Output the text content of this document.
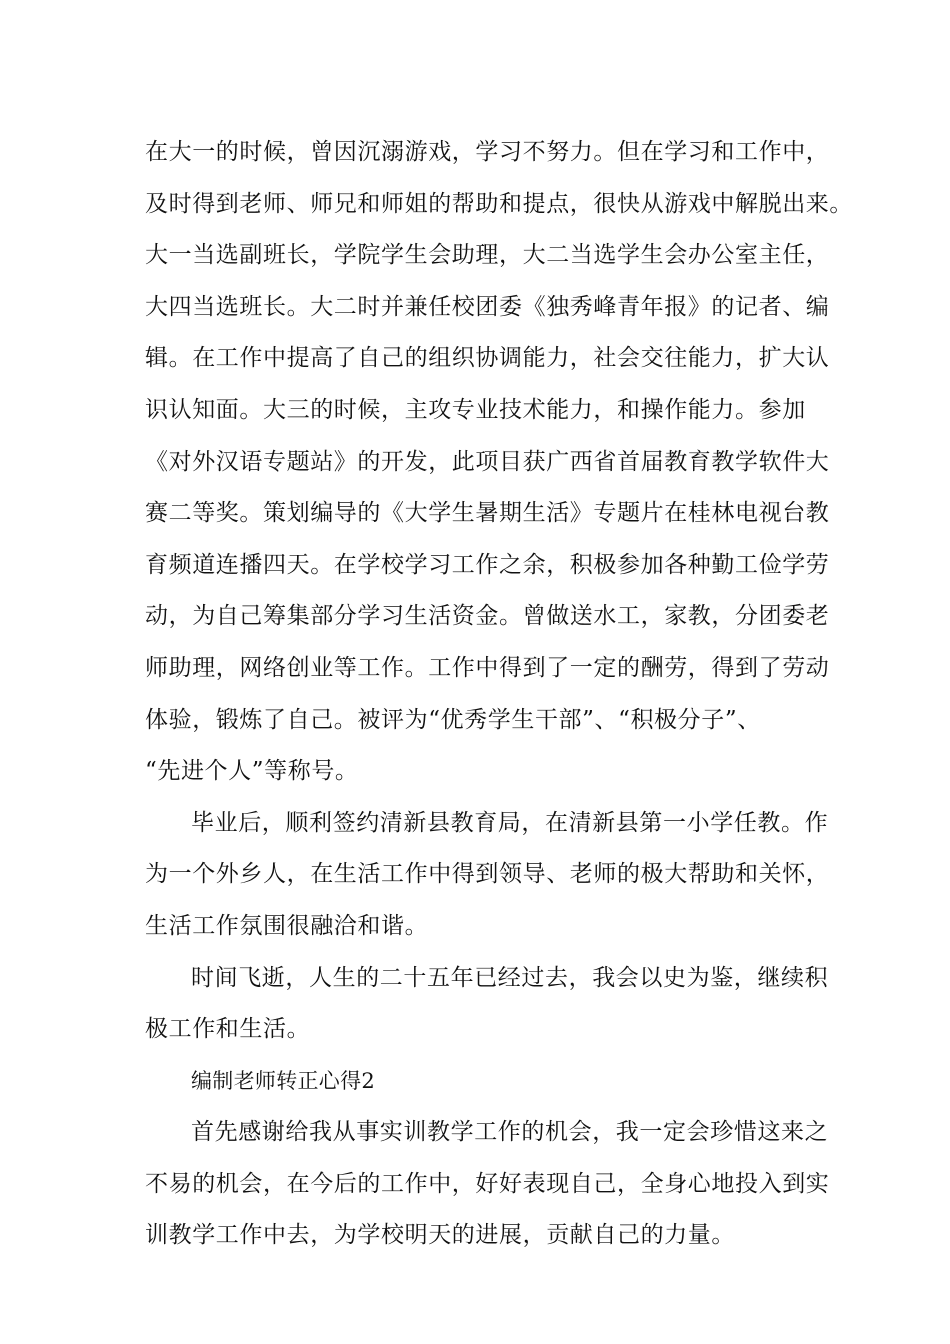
在大一的时候，曾因沉溺游戏，学习不努力。但在学习和工作中，
及时得到老师、师兄和师姐的帮助和提点，很快从游戏中解脱出来。
大一当选副班长，学院学生会助理，大二当选学生会办公室主任，
大四当选班长。大二时并兼任校团委《独秀峰青年报》的记者、编
辑。在工作中提高了自己的组织协调能力，社会交往能力，扩大认
识认知面。大三的时候，主攻专业技术能力，和操作能力。参加
《对外汉语专题站》的开发，此项目获广西省首届教育教学软件大
赛二等奖。策划编导的《大学生暑期生活》专题片在桂林电视台教
育频道连播四天。在学校学习工作之余，积极参加各种勤工俭学劳
动，为自己筹集部分学习生活资金。曾做送水工，家教，分团委老
师助理，网络创业等工作。工作中得到了一定的酬劳，得到了劳动
体验，锻炼了自己。被评为“优秀学生干部”、“积极分子”、
“先进个人”等称号。
毕业后，顺利签约清新县教育局，在清新县第一小学任教。作
为一个外乡人，在生活工作中得到领导、老师的极大帮助和关怀，
生活工作氛围很融洽和谐。
时间飞逝，人生的二十五年已经过去，我会以史为鉴，继续积
极工作和生活。
编制老师转正心得2
首先感谢给我从事实训教学工作的机会，我一定会珍惜这来之
不易的机会，在今后的工作中，好好表现自己，全身心地投入到实
训教学工作中去，为学校明天的进展，贡献自己的力量。
